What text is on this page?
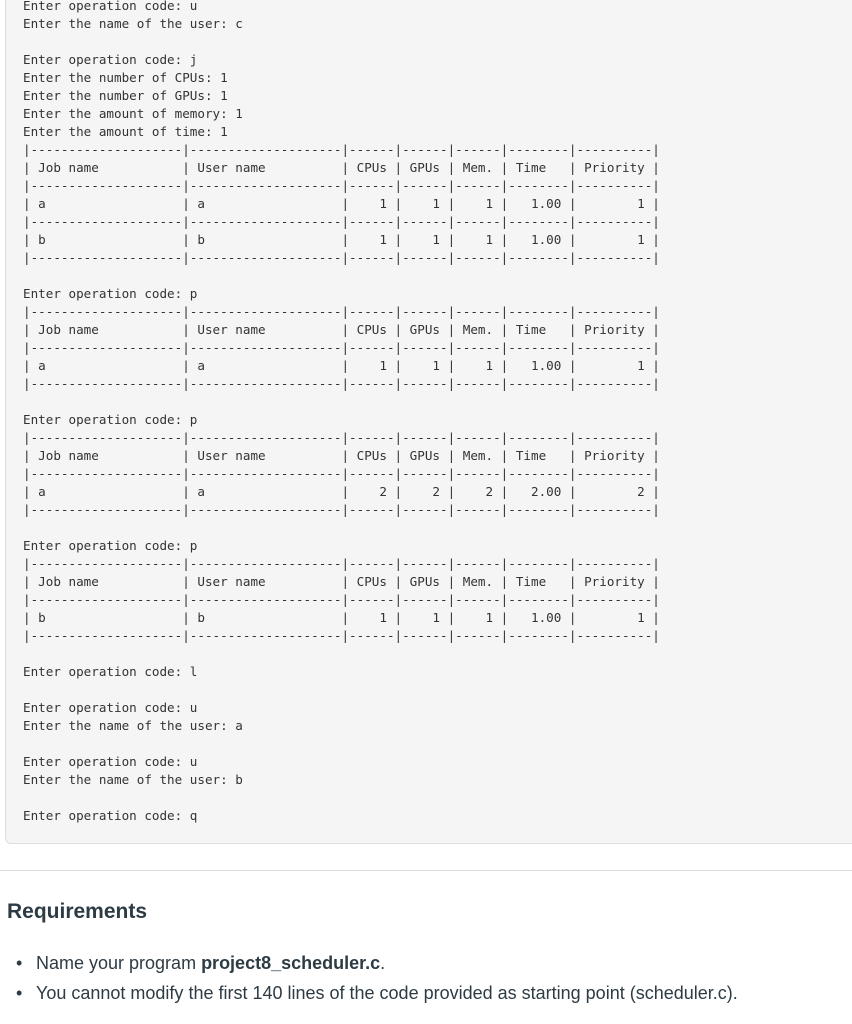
Enter operation code: u
Enter the name of the user: c
Enter operation code: j
Enter the number of CPUs: 1
Enter the number of GPUs: 1
Enter the amount of memory: 1
Enter the amount of time: 1
|--------------------|--------------------|------|------|------|--------|----------|
| Job name           | User name          | CPUs | GPUs | Mem. | Time   | Priority |
|--------------------|--------------------|------|------|------|--------|----------|
| a                  | a                  |    1 |    1 |    1 |   1.00 |        1 |
|--------------------|--------------------|------|------|------|--------|----------|
| b                  | b                  |    1 |    1 |    1 |   1.00 |        1 |
|--------------------|--------------------|------|------|------|--------|----------|
Enter operation code: p
|--------------------|--------------------|------|------|------|--------|----------|
| Job name           | User name          | CPUs | GPUs | Mem. | Time   | Priority |
|--------------------|--------------------|------|------|------|--------|----------|
| a                  | a                  |    1 |    1 |    1 |   1.00 |        1 |
|--------------------|--------------------|------|------|------|--------|----------|
Enter operation code: p
|--------------------|--------------------|------|------|------|--------|----------|
| Job name           | User name          | CPUs | GPUs | Mem. | Time   | Priority |
|--------------------|--------------------|------|------|------|--------|----------|
| a                  | a                  |    2 |    2 |    2 |   2.00 |        2 |
|--------------------|--------------------|------|------|------|--------|----------|
Enter operation code: p
|--------------------|--------------------|------|------|------|--------|----------|
| Job name           | User name          | CPUs | GPUs | Mem. | Time   | Priority |
|--------------------|--------------------|------|------|------|--------|----------|
| b                  | b                  |    1 |    1 |    1 |   1.00 |        1 |
|--------------------|--------------------|------|------|------|--------|----------|
Enter operation code: l
Enter operation code: u
Enter the name of the user: a
Enter operation code: u
Enter the name of the user: b
Enter operation code: q
Requirements
• Name your program project8_scheduler.c.
• You cannot modify the first 140 lines of the code provided as starting point (scheduler.c).
